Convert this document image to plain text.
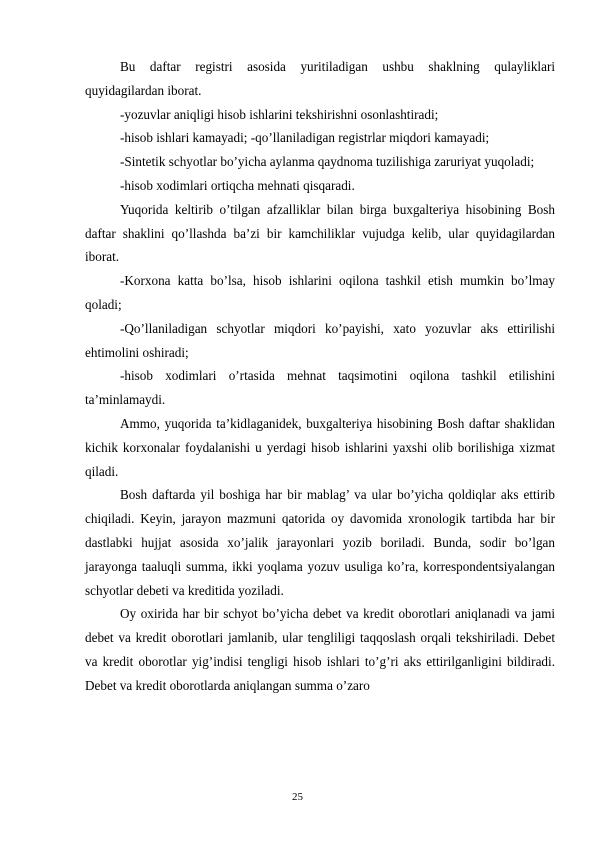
Bu daftar registri asosida yuritiladigan ushbu shaklning qulayliklari quyidagilardan iborat.

-yozuvlar aniqligi hisob ishlarini tekshirishni osonlashtiradi;

-hisob ishlari kamayadi; -qo’llaniladigan registrlar miqdori kamayadi;

-Sintetik schyotlar bo’yicha aylanma qaydnoma tuzilishiga zaruriyat yuqoladi;

-hisob xodimlari ortiqcha mehnati qisqaradi.

Yuqorida keltirib o’tilgan afzalliklar bilan birga buxgalteriya hisobining Bosh daftar shaklini qo’llashda ba’zi bir kamchiliklar vujudga kelib, ular quyidagilardan iborat.

-Korxona katta bo’lsa, hisob ishlarini oqilona tashkil etish mumkin bo’lmay qoladi;

-Qo’llaniladigan schyotlar miqdori ko’payishi, xato yozuvlar aks ettirilishi ehtimolini oshiradi;

-hisob xodimlari o’rtasida mehnat taqsimotini oqilona tashkil etilishini ta’minlamaydi.

Ammo, yuqorida ta’kidlaganidek, buxgalteriya hisobining Bosh daftar shaklidan kichik korxonalar foydalanishi u yerdagi hisob ishlarini yaxshi olib borilishiga xizmat qiladi.

Bosh daftarda yil boshiga har bir mablag’ va ular bo’yicha qoldiqlar aks ettirib chiqiladi. Keyin, jarayon mazmuni qatorida oy davomida xronologik tartibda har bir dastlabki hujjat asosida xo’jalik jarayonlari yozib boriladi. Bunda, sodir bo’lgan jarayonga taaluqli summa, ikki yoqlama yozuv usuliga ko’ra, korrespondentsiyalangan schyotlar debeti va kreditida yoziladi.

Oy oxirida har bir schyot bo’yicha debet va kredit oborotlari aniqlanadi va jami debet va kredit oborotlari jamlanib, ular tengliligi taqqoslash orqali tekshiriladi. Debet va kredit oborotlar yig’indisi tengligi hisob ishlari to’g’ri aks ettirilganligini bildiradi. Debet va kredit oborotlarda aniqlangan summa o’zaro

25
